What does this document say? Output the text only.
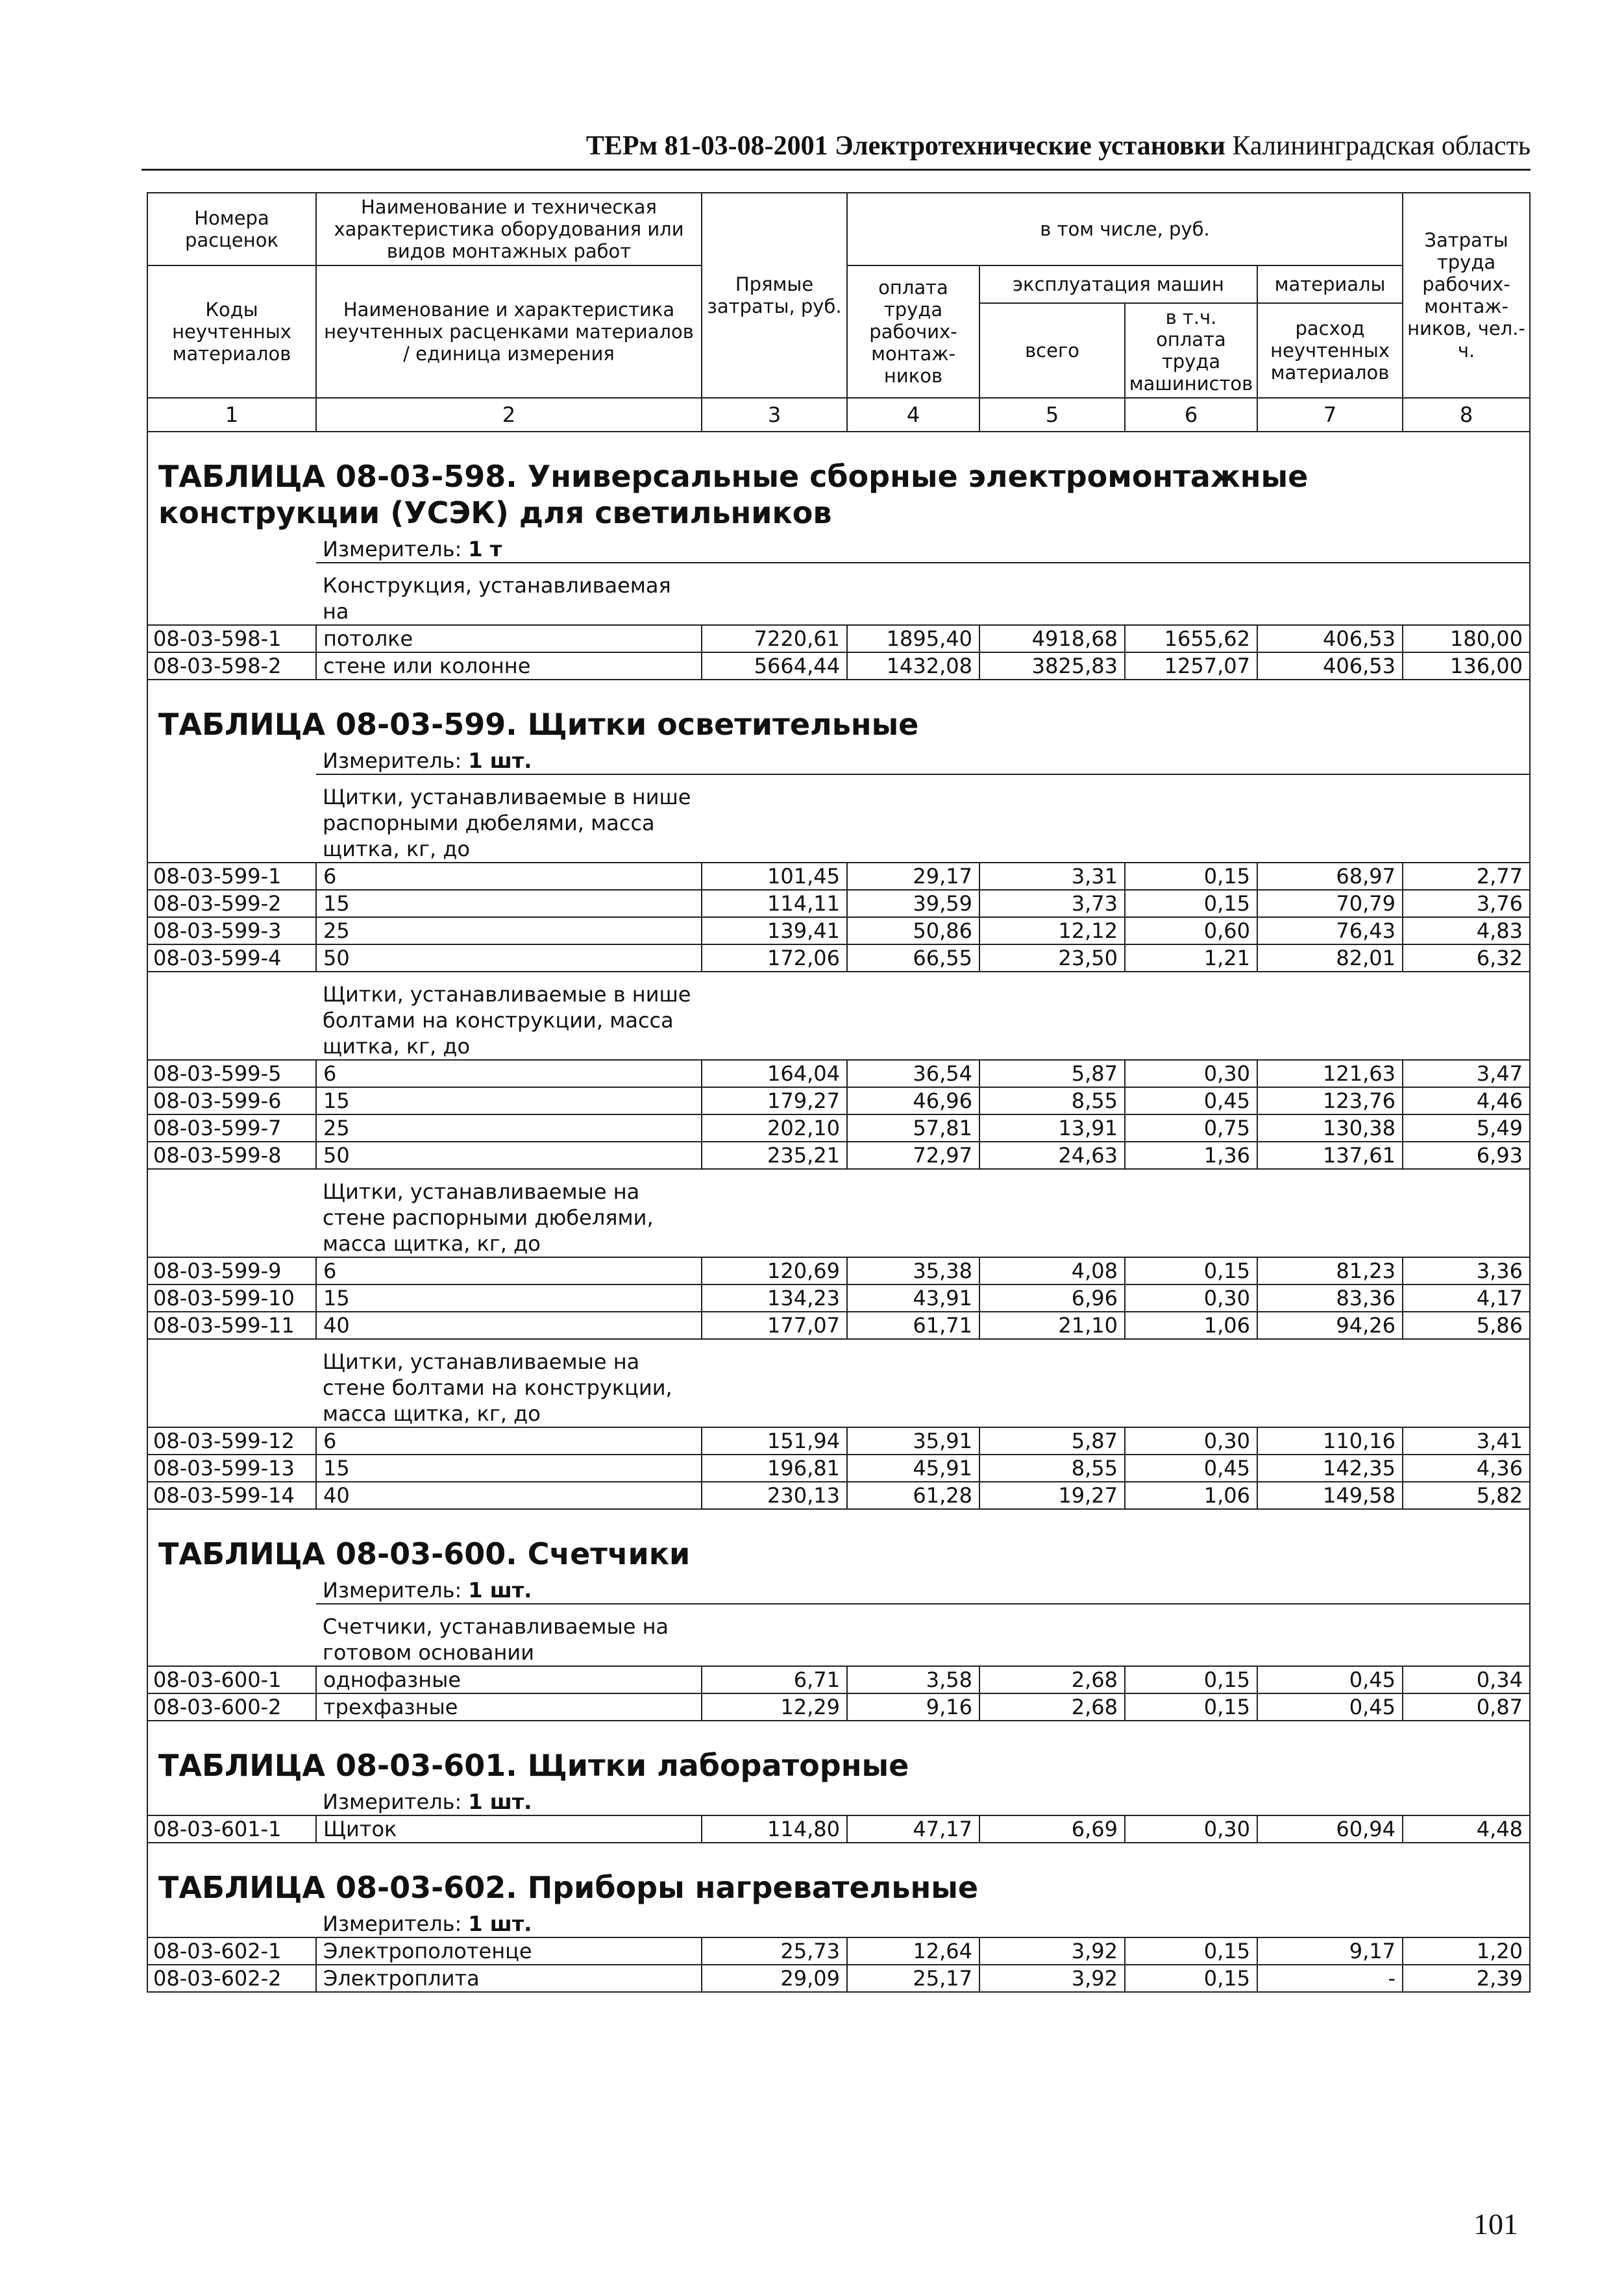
ТЕРм 81-03-08-2001 Электротехнические установки Калининградская область
Номера расценок	Наименование и техническая характеристика оборудования или видов монтажных работ	Прямые затраты, руб.	в том числе, руб.				Затраты труда рабочих-монтаж-ников, чел.-ч.
Коды неучтенных материалов	Наименование и характеристика неучтенных расценками материалов / единица измерения		оплата труда рабочих-монтаж-ников	эксплуатация машин		материалы	
				всего	в т.ч. оплата труда машинистов	расход неучтенных материалов	
1	2	3	4	5	6	7	8
ТАБЛИЦА 08-03-598. Универсальные сборные электромонтажные конструкции (УСЭК) для светильников							
	Измеритель: 1 т						
	Конструкция, устанавливаемая на						
08-03-598-1	потолке	7220,61	1895,40	4918,68	1655,62	406,53	180,00
08-03-598-2	стене или колонне	5664,44	1432,08	3825,83	1257,07	406,53	136,00
ТАБЛИЦА 08-03-599. Щитки осветительные							
	Измеритель: 1 шт.						
	Щитки, устанавливаемые в нише распорными дюбелями, масса щитка, кг, до						
08-03-599-1	6	101,45	29,17	3,31	0,15	68,97	2,77
08-03-599-2	15	114,11	39,59	3,73	0,15	70,79	3,76
08-03-599-3	25	139,41	50,86	12,12	0,60	76,43	4,83
08-03-599-4	50	172,06	66,55	23,50	1,21	82,01	6,32
	Щитки, устанавливаемые в нише болтами на конструкции, масса щитка, кг, до						
08-03-599-5	6	164,04	36,54	5,87	0,30	121,63	3,47
08-03-599-6	15	179,27	46,96	8,55	0,45	123,76	4,46
08-03-599-7	25	202,10	57,81	13,91	0,75	130,38	5,49
08-03-599-8	50	235,21	72,97	24,63	1,36	137,61	6,93
	Щитки, устанавливаемые на стене распорными дюбелями, масса щитка, кг, до						
08-03-599-9	6	120,69	35,38	4,08	0,15	81,23	3,36
08-03-599-10	15	134,23	43,91	6,96	0,30	83,36	4,17
08-03-599-11	40	177,07	61,71	21,10	1,06	94,26	5,86
	Щитки, устанавливаемые на стене болтами на конструкции, масса щитка, кг, до						
08-03-599-12	6	151,94	35,91	5,87	0,30	110,16	3,41
08-03-599-13	15	196,81	45,91	8,55	0,45	142,35	4,36
08-03-599-14	40	230,13	61,28	19,27	1,06	149,58	5,82
ТАБЛИЦА 08-03-600. Счетчики							
	Измеритель: 1 шт.						
	Счетчики, устанавливаемые на готовом основании						
08-03-600-1	однофазные	6,71	3,58	2,68	0,15	0,45	0,34
08-03-600-2	трехфазные	12,29	9,16	2,68	0,15	0,45	0,87
ТАБЛИЦА 08-03-601. Щитки лабораторные							
	Измеритель: 1 шт.						
08-03-601-1	Щиток	114,80	47,17	6,69	0,30	60,94	4,48
ТАБЛИЦА 08-03-602. Приборы нагревательные							
	Измеритель: 1 шт.						
08-03-602-1	Электрополотенце	25,73	12,64	3,92	0,15	9,17	1,20
08-03-602-2	Электроплита	29,09	25,17	3,92	0,15	-	2,39
101
